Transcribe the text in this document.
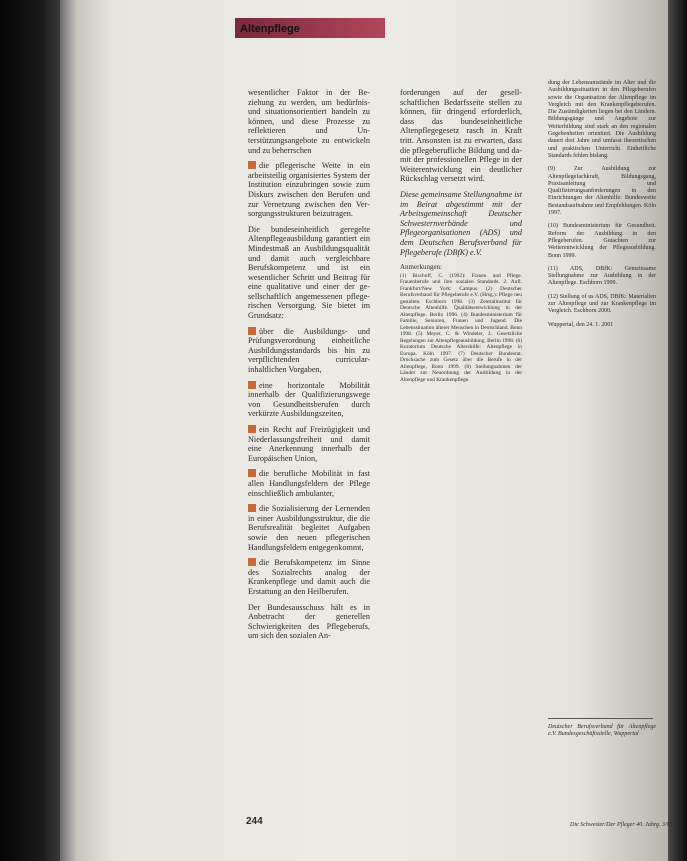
Altenpflege

wesentlicher Faktor in der Beziehung zu werden, um bedürfnis- und situationsorientiert handeln zu können, und diese Prozesse zu reflektieren und Unterstützungsangebote zu entwickeln und zu beherrschen

die pflegerische Weite in ein arbeitsteilig organisiertes System der Institution einzubringen sowie zum Diskurs zwischen den Berufen und zur Vernetzung zwischen den Versorgungsstrukturen beizutragen.

Die bundeseinheitlich geregelte Altenpflegeausbildung garantiert ein Mindestmaß an Ausbildungsqualität und damit auch vergleichbare Berufskompetenz und ist ein wesentlicher Schritt und Beitrag für eine qualitative und einer der gesellschaftlich angemessenen pflegerischen Versorgung. Sie bietet im Grundsatz:

über die Ausbildungs- und Prüfungsverordnung einheitliche Ausbildungsstandards bis hin zu verpflichtenden curricular-inhaltlichen Vorgaben,

eine horizontale Mobilität innerhalb der Qualifizierungswege von Gesundheitsberufen durch verkürzte Ausbildungszeiten,

ein Recht auf Freizügigkeit und Niederlassungsfreiheit und damit eine Anerkennung innerhalb der Europäischen Union,

die berufliche Mobilität in fast allen Handlungsfeldern der Pflege einschließlich ambulanter,

die Sozialisierung der Lernenden in einer Ausbildungsstruktur, die die Berufsrealität begleitet Aufgaben sowie den neuen pflegerischen Handlungsfeldern entgegenkommt,

die Berufskompetenz im Sinne des Sozialrechts analog der Krankenpflege und damit auch die Erstattung an den Heilberufen.

Der Bundesausschuss hält es in Anbetracht der generellen Schwierigkeiten des Pflegeberufs, um sich den sozialen An-

forderungen auf der gesellschaftlichen Bedarfsseite stellen zu können, für dringend erforderlich, dass das bundeseinheitliche Altenpflegegesetz rasch in Kraft tritt. Ansonsten ist zu erwarten, dass die pflegeberufliche Bildung und damit der professionellen Pflege in der Weiterentwicklung ein deutlicher Rückschlag versetzt wird.

Diese gemeinsame Stellungnahme ist im Beirat abgestimmt mit der Arbeitsgemeinschaft Deutscher Schwesternverbände und Pflegeorganisationen (ADS) und dem Deutschen Berufsverband für Pflegeberufe (DBfK) e.V.

Anmerkungen:
(1) Bischoff, C. (1992): Frauen und Pflege. Frauenberufe und ihre sozialen Standards. 2. Aufl. Frankfurt/New York: Campus. (2) Deutscher Berufsverband für Pflegeberufe e.V. (Hrsg.): Pflege neu gestalten. Eschborn 1998. (3) Zentralinstitut für Deutsche Altenhilfe. Qualitätsentwicklung in der Altenpflege. Berlin 1996. (4) Bundesministerium für Familie, Senioren, Frauen und Jugend. Die Lebenssituation älterer Menschen in Deutschland. Bonn 1998. (5) Meyer, C. & Windeler, J.: Gesetzliche Regelungen zur Altenpflegeausbildung. Berlin 1998. (6) Kuratorium Deutsche Altershilfe: Altenpflege in Europa. Köln 1997. (7) Deutscher Bundesrat. Drucksache zum Gesetz über die Berufe in der Altenpflege, Bonn 1999. (8) Stellungnahmen der Länder zur Neuordnung der Ausbildung in der Altenpflege und Krankenpflege.

dung der Lebensumstände im Alter und die Ausbildungssituation in den Pflegeberufen sowie die Organisation der Altenpflege im Vergleich mit den Krankenpflegeberufen. Die Zuständigkeiten liegen bei den Ländern. Bildungsgänge und Angebote zur Weiterbildung sind stark an den regionalen Gegebenheiten orientiert. Die Ausbildung dauert drei Jahre und umfasst theoretischen und praktischen Unterricht. Einheitliche Standards fehlen bislang.

(9) Zur Ausbildung zur Altenpflegefachkraft, Bildungsgang, Praxisanleitung und Qualifizierungsanforderungen in den Einrichtungen der Altenhilfe: Bundesweite Bestandsaufnahme und Empfehlungen. Köln 1997.

(10) Bundesministerium für Gesundheit. Reform der Ausbildung in den Pflegeberufen. Gutachten zur Weiterentwicklung der Pflegeausbildung. Bonn 1999.

(11) ADS, DBfK: Gemeinsame Stellungnahme zur Ausbildung in der Altenpflege. Eschborn 1999.

(12) Stellung of us ADS, DBfK: Materialien zur Altenpflege und zur Krankenpflege im Vergleich. Eschborn 2000.

Wuppertal, den 24. 1. 2001

Deutscher Berufsverband für Altenpflege e.V. Bundesgeschäftsstelle, Wuppertal

244	Die Schwester/Der Pfleger 40. Jahrg. 3/01
